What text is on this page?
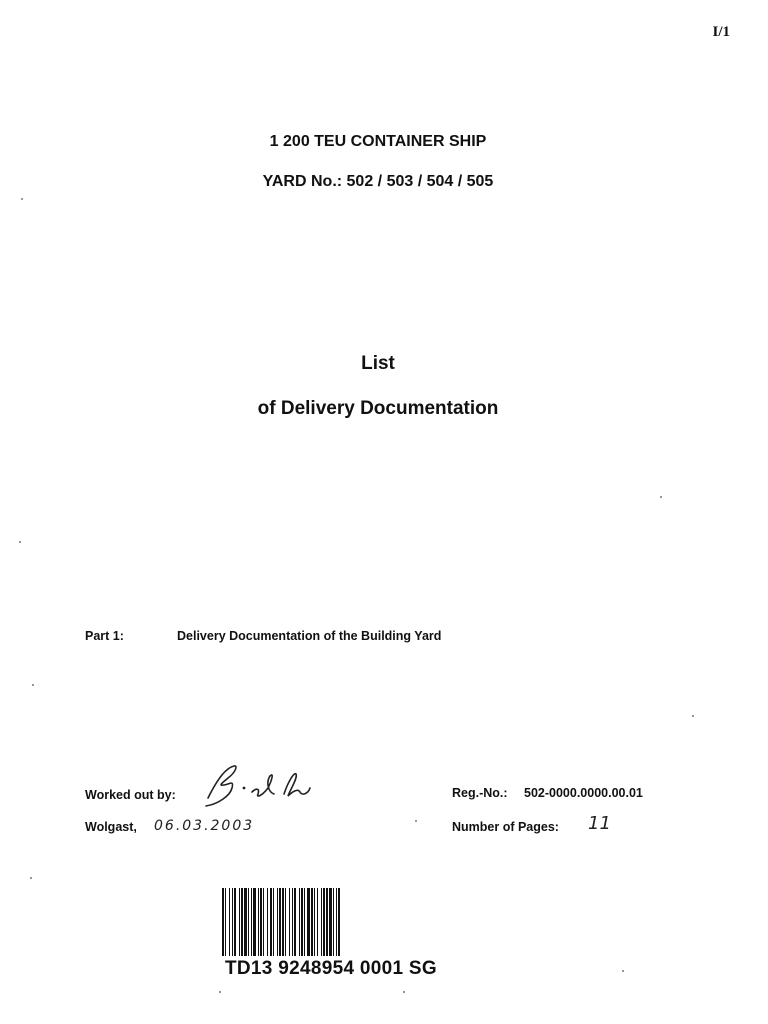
I/1
1 200 TEU CONTAINER SHIP
YARD No.: 502 / 503 / 504 / 505
List
of Delivery Documentation
Part 1:	Delivery Documentation of the Building Yard
Worked out by:
Wolgast, 06.03.2003
Reg.-No.: 502-0000.0000.00.01
Number of Pages: 11
TD13 9248954 0001 SG
